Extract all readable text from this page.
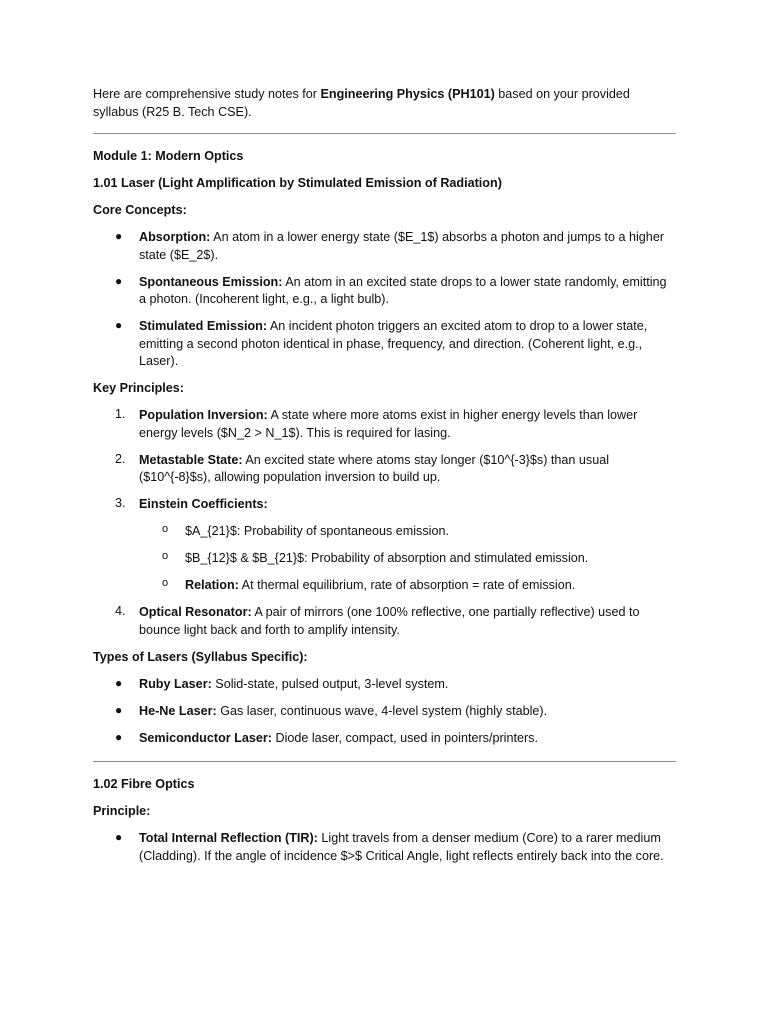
Here are comprehensive study notes for Engineering Physics (PH101) based on your provided syllabus (R25 B. Tech CSE).

Module 1: Modern Optics

1.01 Laser (Light Amplification by Stimulated Emission of Radiation)

Core Concepts:

● Absorption: An atom in a lower energy state ($E_1$) absorbs a photon and jumps to a higher state ($E_2$).

● Spontaneous Emission: An atom in an excited state drops to a lower state randomly, emitting a photon. (Incoherent light, e.g., a light bulb).

● Stimulated Emission: An incident photon triggers an excited atom to drop to a lower state, emitting a second photon identical in phase, frequency, and direction. (Coherent light, e.g., Laser).

Key Principles:

1. Population Inversion: A state where more atoms exist in higher energy levels than lower energy levels ($N_2 > N_1$). This is required for lasing.

2. Metastable State: An excited state where atoms stay longer ($10^{-3}$s) than usual ($10^{-8}$s), allowing population inversion to build up.

3. Einstein Coefficients:

o $A_{21}$: Probability of spontaneous emission.

o $B_{12}$ & $B_{21}$: Probability of absorption and stimulated emission.

o Relation: At thermal equilibrium, rate of absorption = rate of emission.

4. Optical Resonator: A pair of mirrors (one 100% reflective, one partially reflective) used to bounce light back and forth to amplify intensity.

Types of Lasers (Syllabus Specific):

● Ruby Laser: Solid-state, pulsed output, 3-level system.

● He-Ne Laser: Gas laser, continuous wave, 4-level system (highly stable).

● Semiconductor Laser: Diode laser, compact, used in pointers/printers.

1.02 Fibre Optics

Principle:

● Total Internal Reflection (TIR): Light travels from a denser medium (Core) to a rarer medium (Cladding). If the angle of incidence $>$ Critical Angle, light reflects entirely back into the core.
